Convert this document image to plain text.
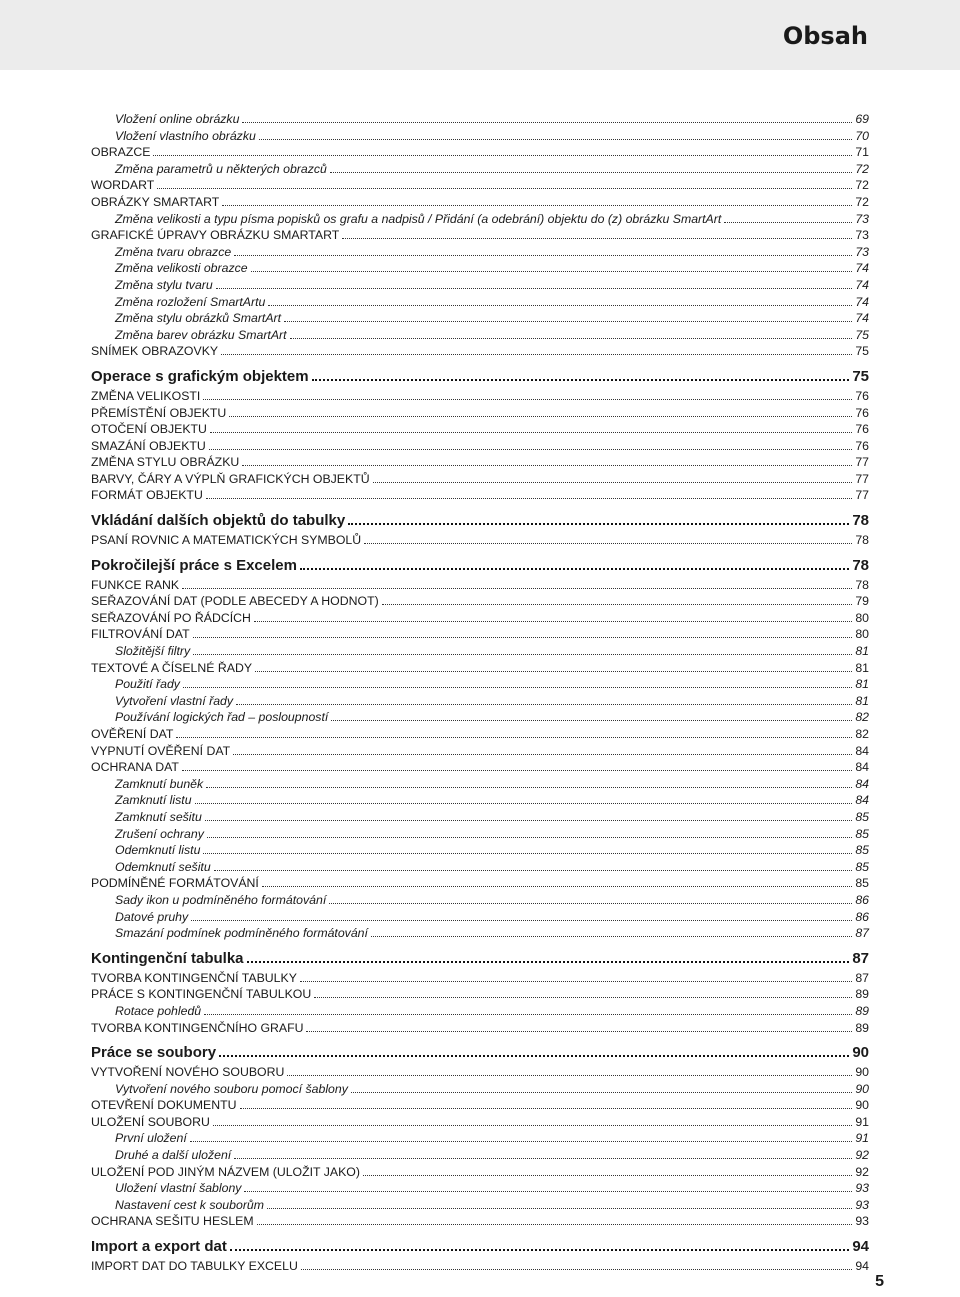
Obsah
Vložení online obrázku	69
Vložení vlastního obrázku	70
OBRAZCE	71
Změna parametrů u některých obrazců	72
WORDART	72
OBRÁZKY SMARTART	72
Změna velikosti a typu písma popisků os grafu a nadpisů / Přidání (a odebrání) objektu do (z) obrázku SmartArt	73
GRAFICKÉ ÚPRAVY OBRÁZKU SMARTART	73
Změna tvaru obrazce	73
Změna velikosti obrazce	74
Změna stylu tvaru	74
Změna rozložení SmartArtu	74
Změna stylu obrázků SmartArt	74
Změna barev obrázku SmartArt	75
SNÍMEK OBRAZOVKY	75
Operace s grafickým objektem	75
ZMĚNA VELIKOSTI	76
PŘEMÍSTĚNÍ OBJEKTU	76
OTOČENÍ OBJEKTU	76
SMAZÁNÍ OBJEKTU	76
ZMĚNA STYLU OBRÁZKU	77
BARVY, ČÁRY A VÝPLŇ GRAFICKÝCH OBJEKTŮ	77
FORMÁT OBJEKTU	77
Vkládání dalších objektů do tabulky	78
PSANÍ ROVNIC A MATEMATICKÝCH SYMBOLŮ	78
Pokročilejší práce s Excelem	78
FUNKCE RANK	78
SEŘAZOVÁNÍ DAT (PODLE ABECEDY A HODNOT)	79
SEŘAZOVÁNÍ PO ŘÁDCÍCH	80
FILTROVÁNÍ DAT	80
Složitější filtry	81
TEXTOVÉ A ČÍSELNÉ ŘADY	81
Použití řady	81
Vytvoření vlastní řady	81
Používání logických řad – posloupností	82
OVĚŘENÍ DAT	82
VYPNUTÍ OVĚŘENÍ DAT	84
OCHRANA DAT	84
Zamknutí buněk	84
Zamknutí listu	84
Zamknutí sešitu	85
Zrušení ochrany	85
Odemknutí listu	85
Odemknutí sešitu	85
PODMÍNĚNÉ FORMÁTOVÁNÍ	85
Sady ikon u podmíněného formátování	86
Datové pruhy	86
Smazání podmínek podmíněného formátování	87
Kontingenční tabulka	87
TVORBA KONTINGENČNÍ TABULKY	87
PRÁCE S KONTINGENČNÍ TABULKOU	89
Rotace pohledů	89
TVORBA KONTINGENČNÍHO GRAFU	89
Práce se soubory	90
VYTVOŘENÍ NOVÉHO SOUBORU	90
Vytvoření nového souboru pomocí šablony	90
OTEVŘENÍ DOKUMENTU	90
ULOŽENÍ SOUBORU	91
První uložení	91
Druhé a další uložení	92
ULOŽENÍ POD JINÝM NÁZVEM (ULOŽIT JAKO)	92
Uložení vlastní šablony	93
Nastavení cest k souborům	93
OCHRANA SEŠITU HESLEM	93
Import a export dat	94
IMPORT DAT DO TABULKY EXCELU	94
5
